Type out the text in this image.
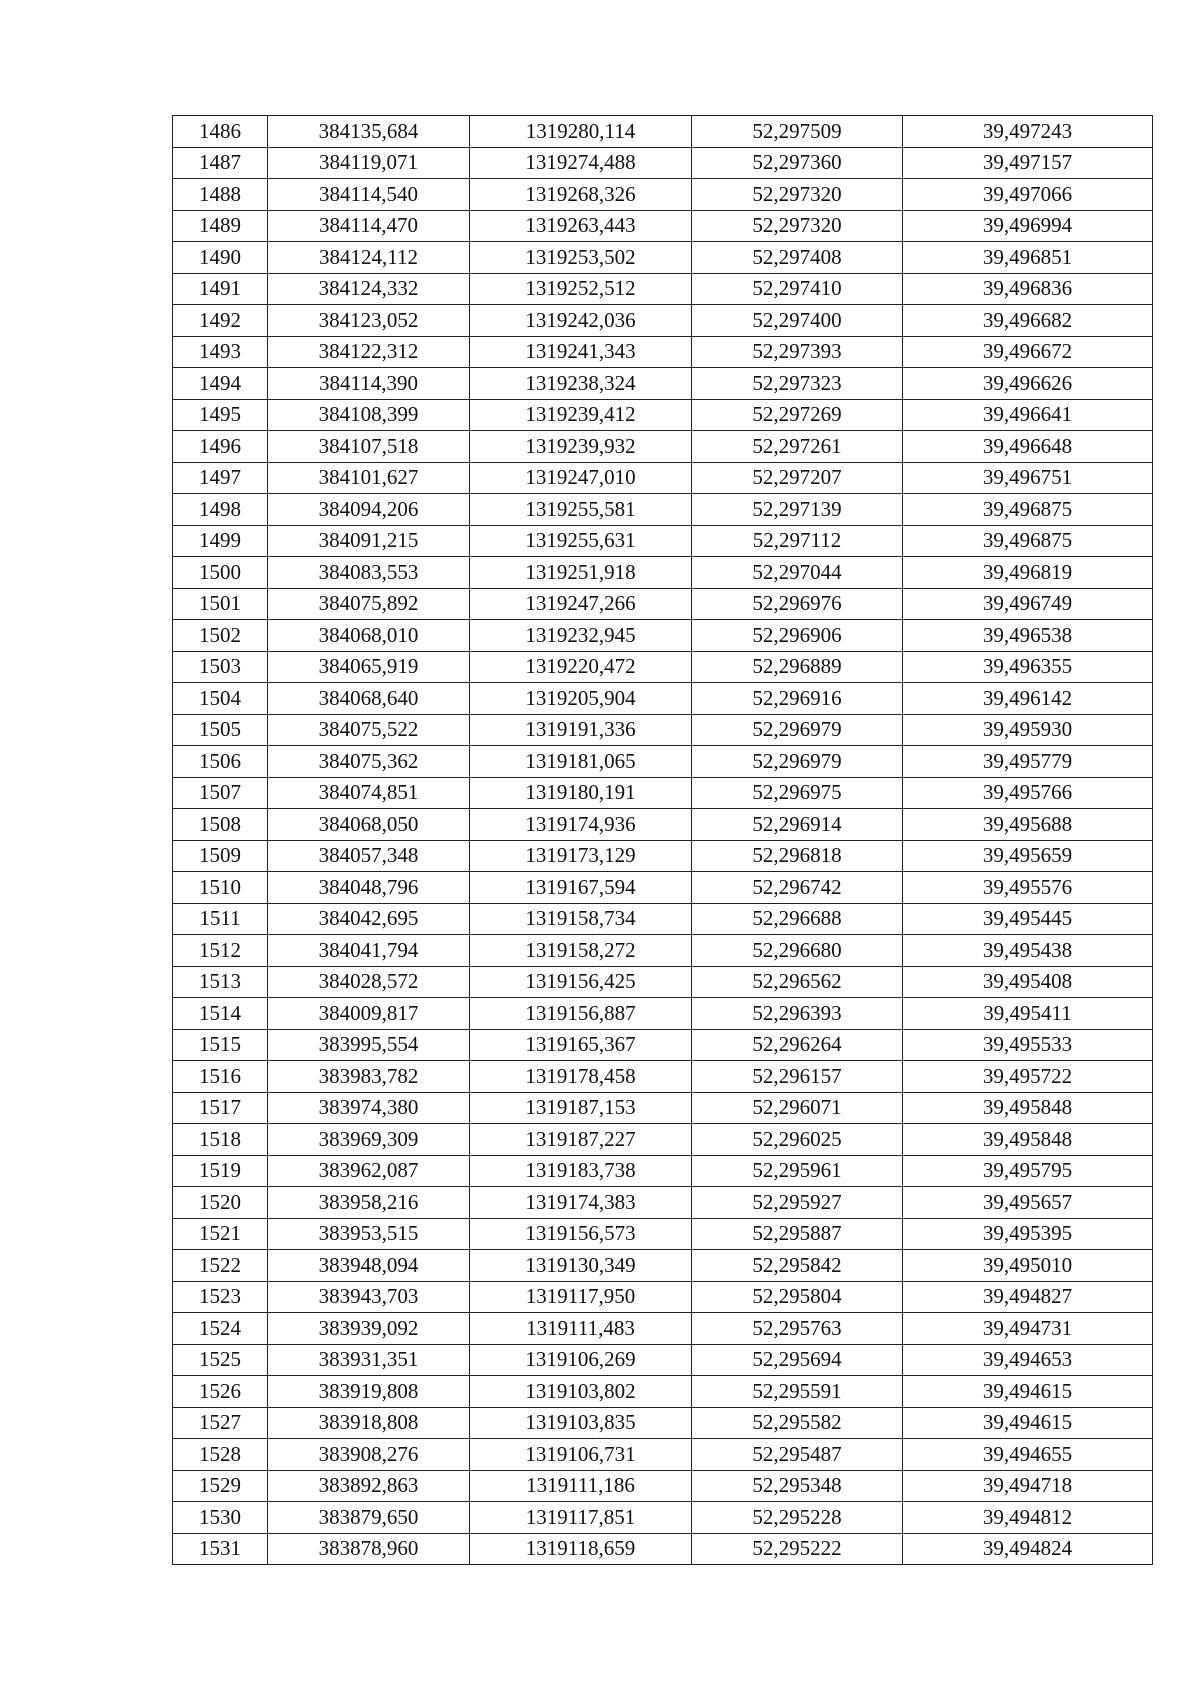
1486	384135,684	1319280,114	52,297509	39,497243
1487	384119,071	1319274,488	52,297360	39,497157
1488	384114,540	1319268,326	52,297320	39,497066
1489	384114,470	1319263,443	52,297320	39,496994
1490	384124,112	1319253,502	52,297408	39,496851
1491	384124,332	1319252,512	52,297410	39,496836
1492	384123,052	1319242,036	52,297400	39,496682
1493	384122,312	1319241,343	52,297393	39,496672
1494	384114,390	1319238,324	52,297323	39,496626
1495	384108,399	1319239,412	52,297269	39,496641
1496	384107,518	1319239,932	52,297261	39,496648
1497	384101,627	1319247,010	52,297207	39,496751
1498	384094,206	1319255,581	52,297139	39,496875
1499	384091,215	1319255,631	52,297112	39,496875
1500	384083,553	1319251,918	52,297044	39,496819
1501	384075,892	1319247,266	52,296976	39,496749
1502	384068,010	1319232,945	52,296906	39,496538
1503	384065,919	1319220,472	52,296889	39,496355
1504	384068,640	1319205,904	52,296916	39,496142
1505	384075,522	1319191,336	52,296979	39,495930
1506	384075,362	1319181,065	52,296979	39,495779
1507	384074,851	1319180,191	52,296975	39,495766
1508	384068,050	1319174,936	52,296914	39,495688
1509	384057,348	1319173,129	52,296818	39,495659
1510	384048,796	1319167,594	52,296742	39,495576
1511	384042,695	1319158,734	52,296688	39,495445
1512	384041,794	1319158,272	52,296680	39,495438
1513	384028,572	1319156,425	52,296562	39,495408
1514	384009,817	1319156,887	52,296393	39,495411
1515	383995,554	1319165,367	52,296264	39,495533
1516	383983,782	1319178,458	52,296157	39,495722
1517	383974,380	1319187,153	52,296071	39,495848
1518	383969,309	1319187,227	52,296025	39,495848
1519	383962,087	1319183,738	52,295961	39,495795
1520	383958,216	1319174,383	52,295927	39,495657
1521	383953,515	1319156,573	52,295887	39,495395
1522	383948,094	1319130,349	52,295842	39,495010
1523	383943,703	1319117,950	52,295804	39,494827
1524	383939,092	1319111,483	52,295763	39,494731
1525	383931,351	1319106,269	52,295694	39,494653
1526	383919,808	1319103,802	52,295591	39,494615
1527	383918,808	1319103,835	52,295582	39,494615
1528	383908,276	1319106,731	52,295487	39,494655
1529	383892,863	1319111,186	52,295348	39,494718
1530	383879,650	1319117,851	52,295228	39,494812
1531	383878,960	1319118,659	52,295222	39,494824
